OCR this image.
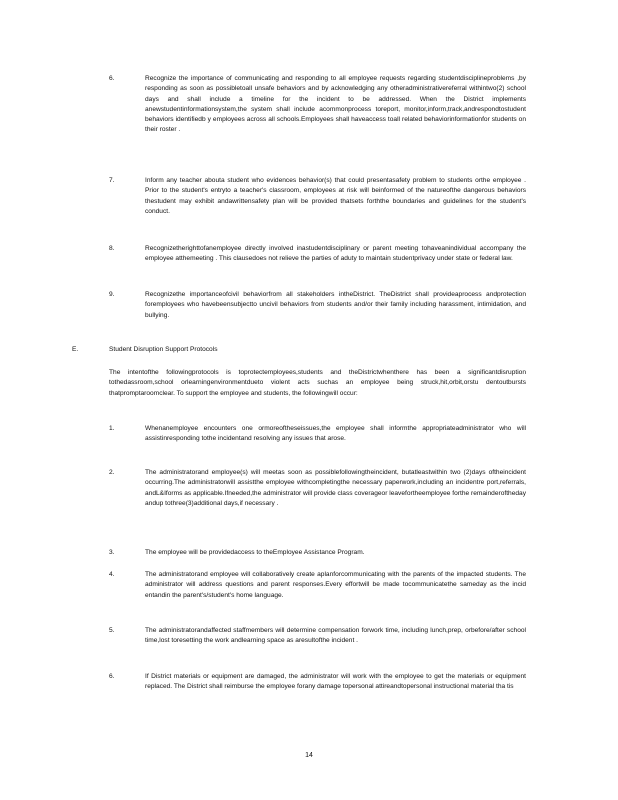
6.	Recognize the importance of communicating and responding to all employee requests regarding studentdisciplineproblems ,by responding as soon as possibletoall unsafe behaviors and by acknowledging any otheradministrativereferral withintwo(2) school days and shall include a timeline for the incident to be addressed. When the District implements anewstudentinformationsystem,the system shall include acommonprocess toreport, monitor,inform,track,andrespondtostudent behaviors identifiedb y employees across all schools.Employees shall haveaccess toall related behaviorinformationfor students on their roster .
7.	Inform any teacher abouta student who evidences behavior(s) that could presentasafety problem to students orthe employee . Prior to the student's entryto a teacher's classroom, employees at risk will beinformed of the natureofthe dangerous behaviors thestudent may exhibit andawrittensafety plan will be provided thatsets forththe boundaries and guidelines for the student's conduct.
8.	Recognizetherighttofanemployee directly involved inastudentdisciplinary or parent meeting tohaveanindividual accompany the employee atthemeeting . This clausedoes not relieve the parties of aduty to maintain studentprivacy under state or federal law.
9.	Recognizethe importanceofcivil behaviorfrom all stakeholders intheDistrict. TheDistrict shall provideaprocess andprotection foremployees who havebeensubjectto uncivil behaviors from students and/or their family including harassment, intimidation, and bullying.
E.	Student Disruption Support Protocols
The intentofthe followingprotocols is toprotectemployees,students and theDistrictwhenthere has been a significantdisruption tothedassroom,school orlearningenvironmentdueto violent acts suchas an employee being struck,hit,orbit,orstu dentoutbursts thatpromptaroomclear. To support the employee and students, the followingwill occur:
1.	Whenanemployee encounters one ormoreoftheseissues,the employee shall informthe appropriateadministrator who will assistinresponding tothe incidentand resolving any issues that arose.
2.	The administratorand employee(s) will meetas soon as possiblefollowingtheincident, butatleastwithin two (2)days oftheincident occurring.The administratorwill assistthe employee withcompletingthe necessary paperwork,including an incidentre port,referrals, andL&Iforms as applicable.Ifneeded,the administrator will provide class coverageor leavefortheemployee forthe remainderoftheday andup tothree(3)additional days,if necessary .
3.	The employee will be providedaccess to theEmployee Assistance Program.
4.	The administratorand employee will collaboratively create aplanforcommunicating with the parents of the impacted students. The administrator will address questions and parent responses.Every effortwill be made tocommunicatethe sameday as the incid entandin the parent's/student's home language.
5.	The administratorandaffected staffmembers will determine compensation forwork time, including lunch,prep, orbefore/after school time,lost toresetting the work andlearning space as aresultofthe incident .
6.	If District materials or equipment are damaged, the administrator will work with the employee to get the materials or equipment replaced. The District shall reimburse the employee forany damage topersonal attireandtopersonal instructional material tha tis
14
